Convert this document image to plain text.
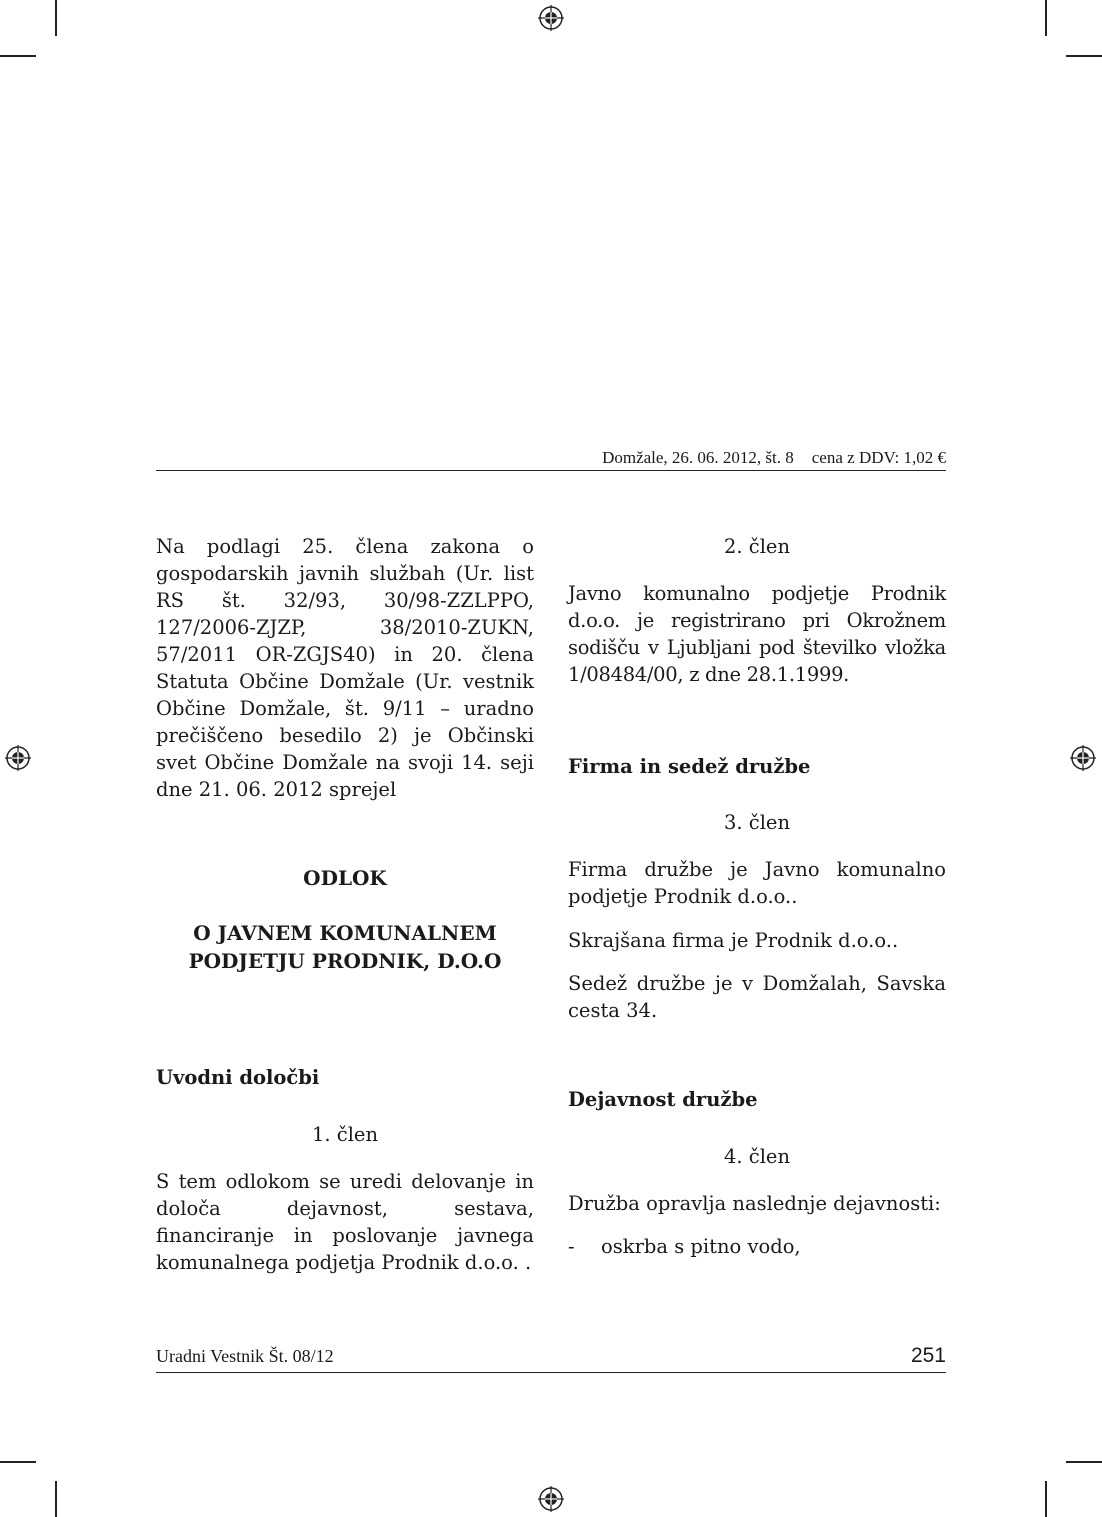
Domžale, 26. 06. 2012, št. 8 cena z DDV: 1,02 €

Na podlagi 25. člena zakona o gospodarskih javnih službah (Ur. list RS št. 32/93, 30/98-ZZLPPO, 127/2006-ZJZP, 38/2010-ZUKN, 57/2011 OR-ZGJS40) in 20. člena Statuta Občine Domžale (Ur. vestnik Občine Domžale, št. 9/11 – uradno prečiščeno besedilo 2) je Občinski svet Občine Domžale na svoji 14. seji dne 21. 06. 2012 sprejel

ODLOK

O JAVNEM KOMUNALNEM

PODJETJU PRODNIK, D.O.O

Uvodni določbi

1. člen

S tem odlokom se uredi delovanje in določa dejavnost, sestava, financiranje in poslovanje javnega komunalnega podjetja Prodnik d.o.o. .

2. člen

Javno komunalno podjetje Prodnik d.o.o. je registrirano pri Okrožnem sodišču v Ljubljani pod številko vložka 1/08484/00, z dne 28.1.1999.

Firma in sedež družbe

3. člen

Firma družbe je Javno komunalno podjetje Prodnik d.o.o..

Skrajšana firma je Prodnik d.o.o..

Sedež družbe je v Domžalah, Savska cesta 34.

Dejavnost družbe

4. člen

Družba opravlja naslednje dejavnosti:

-	oskrba s pitno vodo,
Uradni Vestnik Št. 08/12	251
